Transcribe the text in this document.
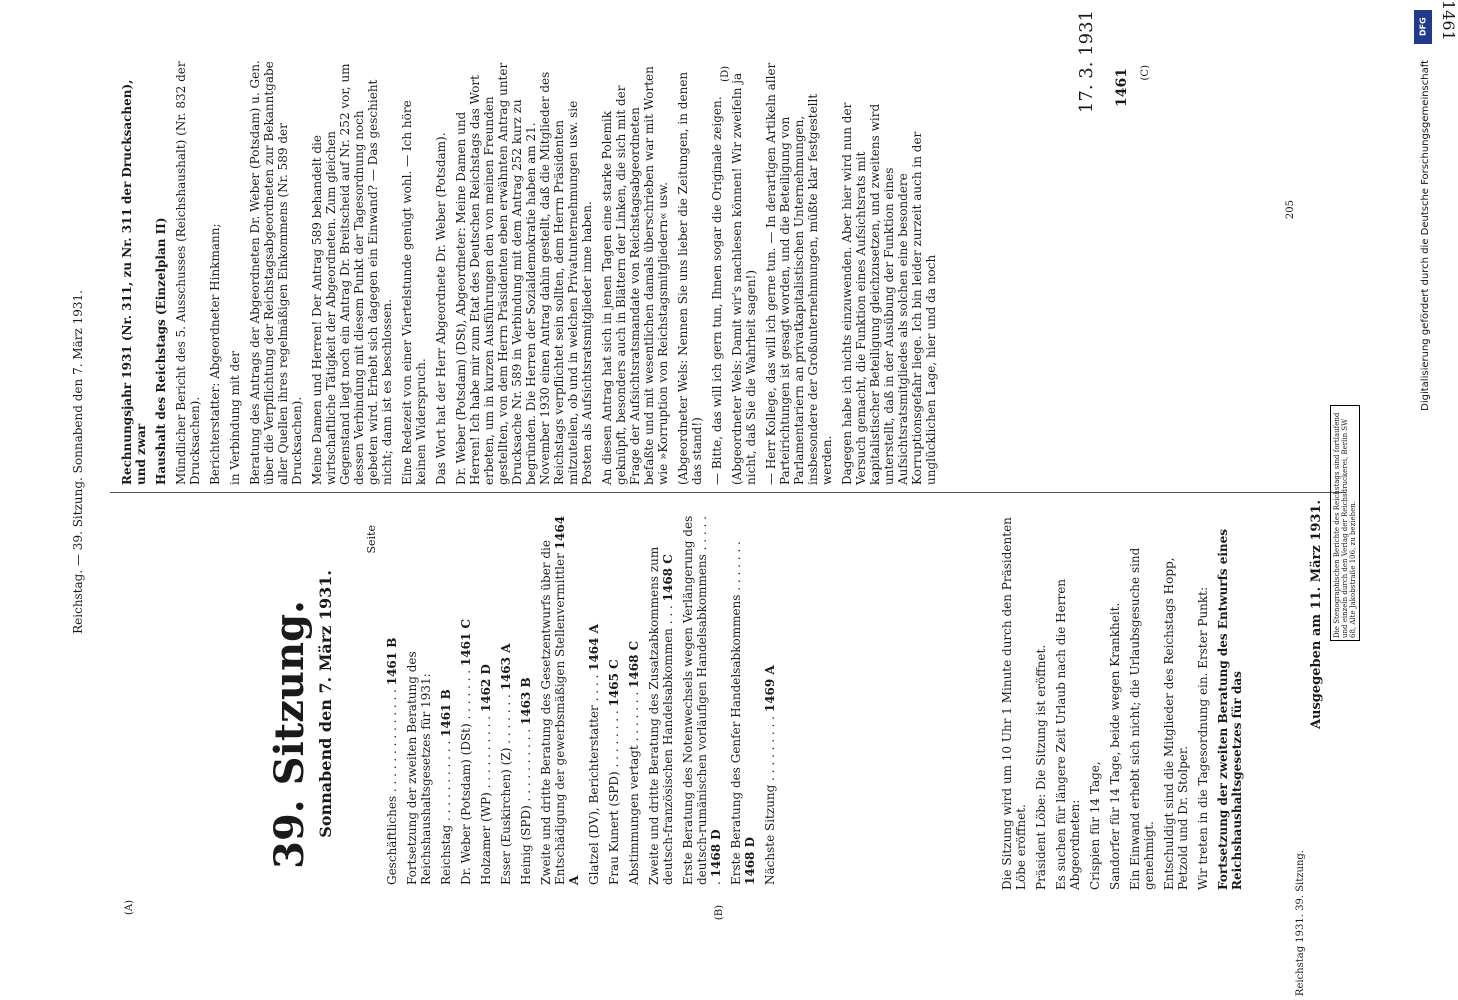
Reichstag. — 39. Sitzung. Sonnabend den 7. März 1931.
(A)	(B)
(C)
(D)
1461
1461
17. 3. 1931
39. Sitzung. Sonnabend den 7. März 1931.
Seite

Geschäftliches . . . . . . . . . . . . . . 1461 B Fortsetzung der zweiten Beratung des Reichshaushaltsgesetzes für 1931: Reichstag . . . . . . . . . . . 1461 B Dr. Weber (Potsdam) (DSt) . . . . . . . 1461 C

Holzamer (WP) . . . . . . . . . . 1462 D

Esser (Euskirchen) (Z) . . . . . . . 1463 A

Heinig (SPD) . . . . . . . . . . 1463 B Zweite und dritte Beratung des Gesetzentwurfs über die Entschädigung der gewerbsmäßigen Stellenvermittler 1464 A Glatzel (DV), Berichterstatter . . . . 1464 A

Frau Kunert (SPD) . . . . . . . . 1465 C

Abstimmungen vertagt . . . . . . . 1468 C Zweite und dritte Beratung des Zusatzabkommens zum deutsch-französischen Handelsabkommen . . . 1468 C Erste Beratung des Notenwechsels wegen Verlängerung des deutsch-rumänischen vorläufigen Handelsabkommens . . . . . . 1468 D Erste Beratung des Genfer Handelsabkommens . . . . . . . 1468 D Nächste Sitzung . . . . . . . . . 1469 A	Die Sitzung wird um 10 Uhr 1 Minute durch den Präsidenten Löbe eröffnet. Präsident Löbe: Die Sitzung ist eröffnet. Es suchen für längere Zeit Urlaub nach die Herren Abgeordneten: Crispien für 14 Tage, Sandorfer für 14 Tage, beide wegen Krankheit. Ein Einwand erhebt sich nicht; die Urlaubsgesuche sind genehmigt. Entschuldigt sind die Mitglieder des Reichstags Hopp, Petzold und Dr. Stolper. Wir treten in die Tagesordnung ein. Erster Punkt: Fortsetzung der zweiten Beratung des Entwurfs eines Reichshaushaltsgesetzes für das

Reichstag 1931. 39. Sitzung.
Ausgegeben am 11. März 1931.	Die Stenographischen Berichte des Reichstags sind fortlaufend und einzeln durch den Verlag der Reichsdruckerei, Berlin SW 68, Alte Jakobstraße 106, zu beziehen.
205

Rechnungsjahr 1931 (Nr. 311, zu Nr. 311 der Drucksachen), und zwar Haushalt des Reichstags (Einzelplan II) Mündlicher Bericht des 5. Ausschusses (Reichshaushalt) (Nr. 832 der Drucksachen). Berichterstatter: Abgeordneter Hinkmann; in Verbindung mit der Beratung des Antrags der Abgeordneten Dr. Weber (Potsdam) u. Gen. über die Verpflichtung der Reichstagsabgeordneten zur Bekanntgabe aller Quellen ihres regelmäßigen Einkommens (Nr. 589 der Drucksachen). Meine Damen und Herren! Der Antrag 589 behandelt die wirtschaftliche Tätigkeit der Abgeordneten. Zum gleichen Gegenstand liegt noch ein Antrag Dr. Breitscheid auf Nr. 252 vor, um dessen Verbindung mit diesem Punkt der Tagesordnung noch gebeten wird. Erhebt sich dagegen ein Einwand? — Das geschieht nicht; dann ist es beschlossen. Eine Redezeit von einer Viertelstunde genügt wohl. — Ich höre keinen Widerspruch. Das Wort hat der Herr Abgeordnete Dr. Weber (Potsdam). Dr. Weber (Potsdam) (DSt), Abgeordneter: Meine Damen und Herren! Ich habe mir zum Etat des Deutschen Reichstags das Wort erbeten, um in kurzen Ausführungen den von meinen Freunden gestellten, von dem Herrn Präsidenten eben erwähnten Antrag unter Drucksache Nr. 589 in Verbindung mit dem Antrag 252 kurz zu begründen. Die Herren der Sozialdemokratie haben am 21. November 1930 einen Antrag dahin gestellt, daß die Mitglieder des Reichstags verpflichtet sein sollten, dem Herrn Präsidenten mitzuteilen, ob und in welchen Privatunternehmungen usw. sie Posten als Aufsichtsratsmitglieder inne haben. An diesen Antrag hat sich in jenen Tagen eine starke Polemik geknüpft, besonders auch in Blättern der Linken, die sich mit der Frage der Aufsichtsratsmandate von Reichstagsabgeordneten befaßte und mit wesentlichen damals überschrieben war mit Worten wie »Korruption von Reichstagsmitgliedern« usw. (Abgeordneter Wels: Nennen Sie uns lieber die Zeitungen, in denen das stand!) — Bitte, das will ich gern tun, Ihnen sogar die Originale zeigen. (Abgeordneter Wels: Damit wir's nachlesen können! Wir zweifeln ja nicht, daß Sie die Wahrheit sagen!) — Herr Kollege, das will ich gerne tun. — In derartigen Artikeln aller Parteirichtungen ist gesagt worden, und die Beteiligung von Parlamentariern an privatkapitalistischen Unternehmungen, insbesondere der Großunternehmungen, müßte klar festgestellt werden. Dagegen habe ich nichts einzuwenden. Aber hier wird nun der Versuch gemacht, die Funktion eines Aufsichtsrats mit kapitalistischer Beteiligung gleichzusetzen, und zweitens wird unterstellt, daß in der Ausübung der Funktion eines Aufsichtsratsmitgliedes als solchen eine besondere Korruptionsgefahr liege. Ich bin leider zurzeit auch in der unglücklichen Lage, hier und da noch	Digitalisierung gefördert durch die Deutsche Forschungsgemeinschaft
DFG
